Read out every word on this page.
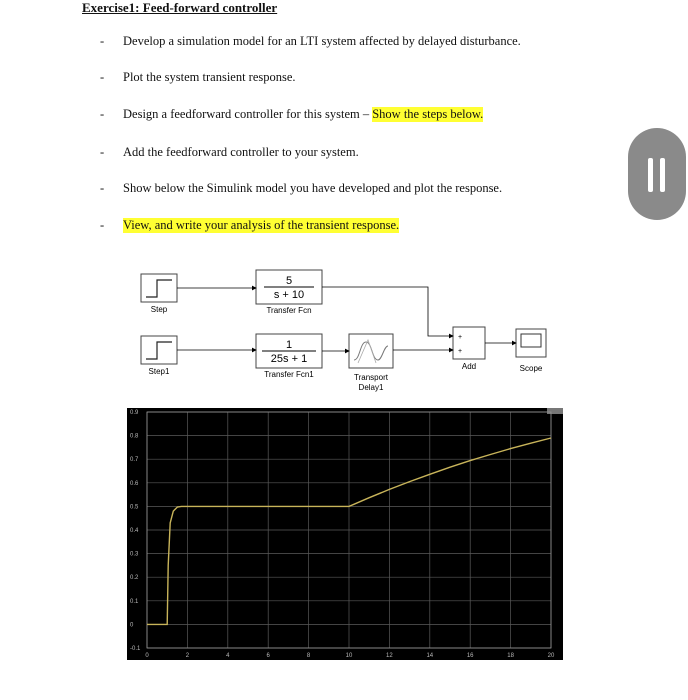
Exercise1: Feed-forward controller
-	Develop a simulation model for an LTI system affected by delayed disturbance.
-	Plot the system transient response.
-	Design a feedforward controller for this system – Show the steps below.
-	Add the feedforward controller to your system.
-	Show below the Simulink model you have developed and plot the response.
-	View, and write your analysis of the transient response.
Step
Step1
5
s + 10
Transfer Fcn
1
25s + 1
Transfer Fcn1	Transport
Delay1
+
+
Add	Scope
0	2	4	6	8	10	12	14	16	18	20
-0.1
0
0.1
0.2
0.3
0.4
0.5
0.6
0.7
0.8
0.9
